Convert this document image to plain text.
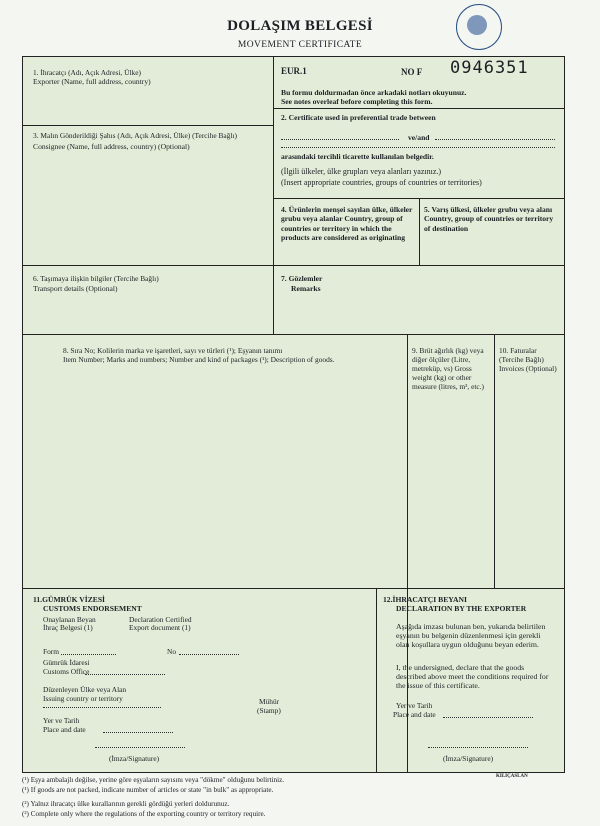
DOLAŞIM BELGESİ
MOVEMENT CERTIFICATE
1. İhracatçı (Adı, Açık Adresi, Ülke)
Exporter (Name, full address, country)
EUR.1	NO F 0946351
Bu formu doldurmadan önce arkadaki notları okuyunuz.
See notes overleaf before completing this form.
2. Certificate used in preferential trade between
ve/and
arasındaki tercihli ticarette kullanılan belgedir.
(İlgili ülkeler, ülke grupları veya alanları yazınız.)
(Insert appropriate countries, groups of countries or territories)
3. Malın Gönderildiği Şahıs (Adı, Açık Adresi, Ülke) (Tercihe Bağlı)
Consignee (Name, full address, country) (Optional)
4. Ürünlerin menşei sayılan ülke, ülkeler grubu veya alanlar Country, group of countries or territory in which the products are considered as originating
5. Varış ülkesi, ülkeler grubu veya alanı Country, group of countries or territory of destination
6. Taşımaya ilişkin bilgiler (Tercihe Bağlı)
Transport details (Optional)
7. Gözlemler
Remarks
8. Sıra No; Kolilerin marka ve işaretleri, sayı ve türleri (¹); Eşyanın tanımı
Item Number; Marks and numbers; Number and kind of packages (¹); Description of goods.
9. Brüt ağırlık (kg) veya diğer ölçüler (Litre, metreküp, vs) Gross weight (kg) or other measure (litres, m³, etc.)
10. Faturalar (Tercihe Bağlı) Invoices (Optional)
11.GÜMRÜK VİZESİ
CUSTOMS ENDORSEMENT
Onaylanan Beyan
İhraç Belgesi (1)
Declaration Certified
Export document (1)
Form	No
Gümrük İdaresi
Customs Office
Düzenleyen Ülke veya Alan
Issuing country or territory	Mühür
(Stamp)
Yer ve Tarih
Place and date
(İmza/Signature)
12.İHRACATÇI BEYANI
DECLARATION BY THE EXPORTER
Aşağıda imzası bulunan ben, yukarıda belirtilen eşyanın bu belgenin düzenlenmesi için gerekli olan koşullara uygun olduğunu beyan ederim.
I, the undersigned, declare that the goods described above meet the conditions required for the issue of this certificate.
Yer ve Tarih
Place and date
(İmza/Signature)
KILIÇASLAN
(¹) Eşya ambalajlı değilse, yerine göre eşyaların sayısını veya "dökme" olduğunu belirtiniz.
(¹) If goods are not packed, indicate number of articles or state "in bulk" as appropriate.
(²) Yalnız ihracatçı ülke kurallarının gerekli gördüğü yerleri doldurunuz.
(²) Complete only where the regulations of the exporting country or territory require.
